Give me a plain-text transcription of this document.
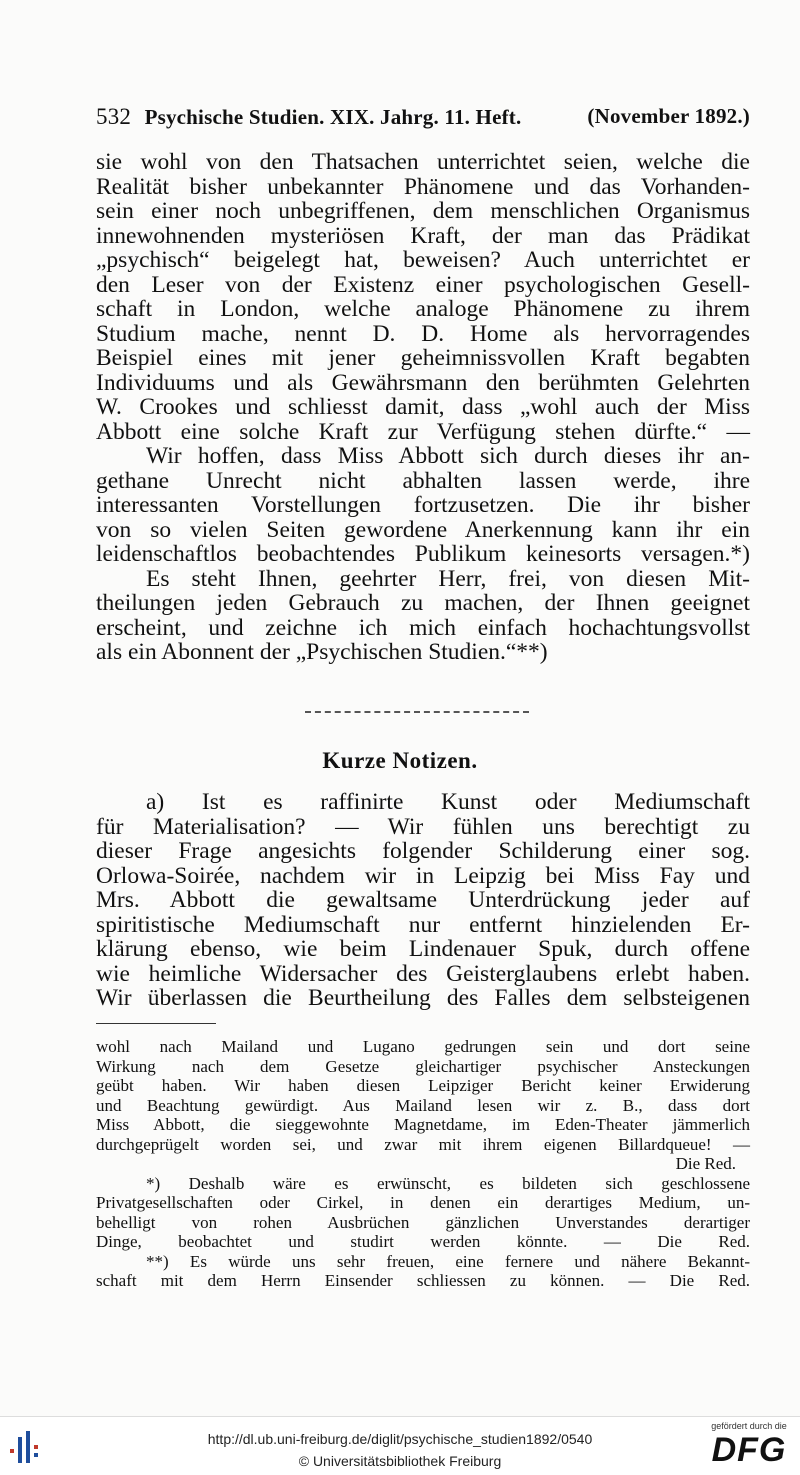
532 Psychische Studien. XIX. Jahrg. 11. Heft.	(November 1892.)
sie wohl von den Thatsachen unterrichtet seien, welche die
Realität bisher unbekannter Phänomene und das Vorhanden-
sein einer noch unbegriffenen, dem menschlichen Organismus
innewohnenden mysteriösen Kraft, der man das Prädikat
„psychisch“ beigelegt hat, beweisen? Auch unterrichtet er
den Leser von der Existenz einer psychologischen Gesell-
schaft in London, welche analoge Phänomene zu ihrem
Studium mache, nennt D. D. Home als hervorragendes
Beispiel eines mit jener geheimnissvollen Kraft begabten
Individuums und als Gewährsmann den berühmten Gelehrten
W. Crookes und schliesst damit, dass „wohl auch der Miss
Abbott eine solche Kraft zur Verfügung stehen dürfte.“ —
Wir hoffen, dass Miss Abbott sich durch dieses ihr an-
gethane Unrecht nicht abhalten lassen werde, ihre
interessanten Vorstellungen fortzusetzen. Die ihr bisher
von so vielen Seiten gewordene Anerkennung kann ihr ein
leidenschaftlos beobachtendes Publikum keinesorts versagen.*)
Es steht Ihnen, geehrter Herr, frei, von diesen Mit-
theilungen jeden Gebrauch zu machen, der Ihnen geeignet
erscheint, und zeichne ich mich einfach hochachtungsvollst
als ein Abonnent der „Psychischen Studien.“**)
Kurze Notizen.
a) Ist es raffinirte Kunst oder Mediumschaft
für Materialisation? — Wir fühlen uns berechtigt zu
dieser Frage angesichts folgender Schilderung einer sog.
Orlowa-Soirée, nachdem wir in Leipzig bei Miss Fay und
Mrs. Abbott die gewaltsame Unterdrückung jeder auf
spiritistische Mediumschaft nur entfernt hinzielenden Er-
klärung ebenso, wie beim Lindenauer Spuk, durch offene
wie heimliche Widersacher des Geisterglaubens erlebt haben.
Wir überlassen die Beurtheilung des Falles dem selbsteigenen
wohl nach Mailand und Lugano gedrungen sein und dort seine
Wirkung nach dem Gesetze gleichartiger psychischer Ansteckungen
geübt haben. Wir haben diesen Leipziger Bericht keiner Erwiderung
und Beachtung gewürdigt. Aus Mailand lesen wir z. B., dass dort
Miss Abbott, die sieggewohnte Magnetdame, im Eden-Theater jämmerlich
durchgeprügelt worden sei, und zwar mit ihrem eigenen Billardqueue! —
Die Red.
*) Deshalb wäre es erwünscht, es bildeten sich geschlossene
Privatgesellschaften oder Cirkel, in denen ein derartiges Medium, un-
behelligt von rohen Ausbrüchen gänzlichen Unverstandes derartiger
Dinge, beobachtet und studirt werden könnte. — Die Red.
**) Es würde uns sehr freuen, eine fernere und nähere Bekannt-
schaft mit dem Herrn Einsender schliessen zu können. — Die Red.
http://dl.ub.uni-freiburg.de/diglit/psychische_studien1892/0540
© Universitätsbibliothek Freiburg
gefördert durch die
DFG
